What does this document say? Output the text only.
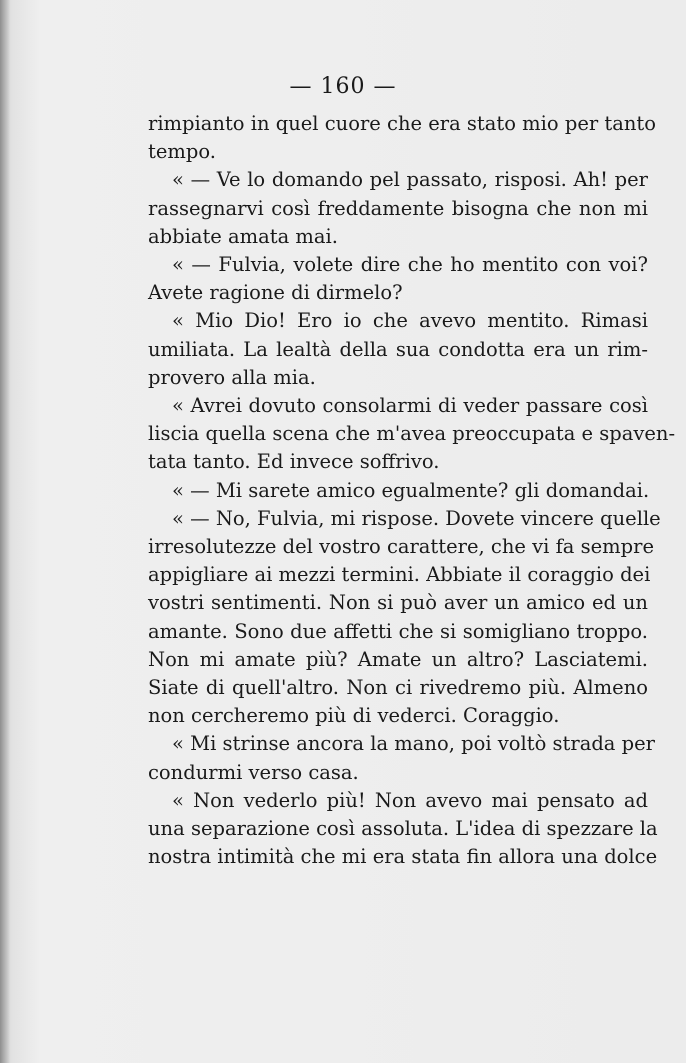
— 160 —
rimpianto in quel cuore che era stato mio per tanto
tempo.
« — Ve lo domando pel passato, risposi. Ah! per
rassegnarvi così freddamente bisogna che non mi
abbiate amata mai.
« — Fulvia, volete dire che ho mentito con voi?
Avete ragione di dirmelo?
« Mio Dio! Ero io che avevo mentito. Rimasi
umiliata. La lealtà della sua condotta era un rim-
provero alla mia.
« Avrei dovuto consolarmi di veder passare così
liscia quella scena che m'avea preoccupata e spaven-
tata tanto. Ed invece soffrivo.
« — Mi sarete amico egualmente? gli domandai.
« — No, Fulvia, mi rispose. Dovete vincere quelle
irresolutezze del vostro carattere, che vi fa sempre
appigliare ai mezzi termini. Abbiate il coraggio dei
vostri sentimenti. Non si può aver un amico ed un
amante. Sono due affetti che si somigliano troppo.
Non mi amate più? Amate un altro? Lasciatemi.
Siate di quell'altro. Non ci rivedremo più. Almeno
non cercheremo più di vederci. Coraggio.
« Mi strinse ancora la mano, poi voltò strada per
condurmi verso casa.
« Non vederlo più! Non avevo mai pensato ad
una separazione così assoluta. L'idea di spezzare la
nostra intimità che mi era stata fin allora una dolce
